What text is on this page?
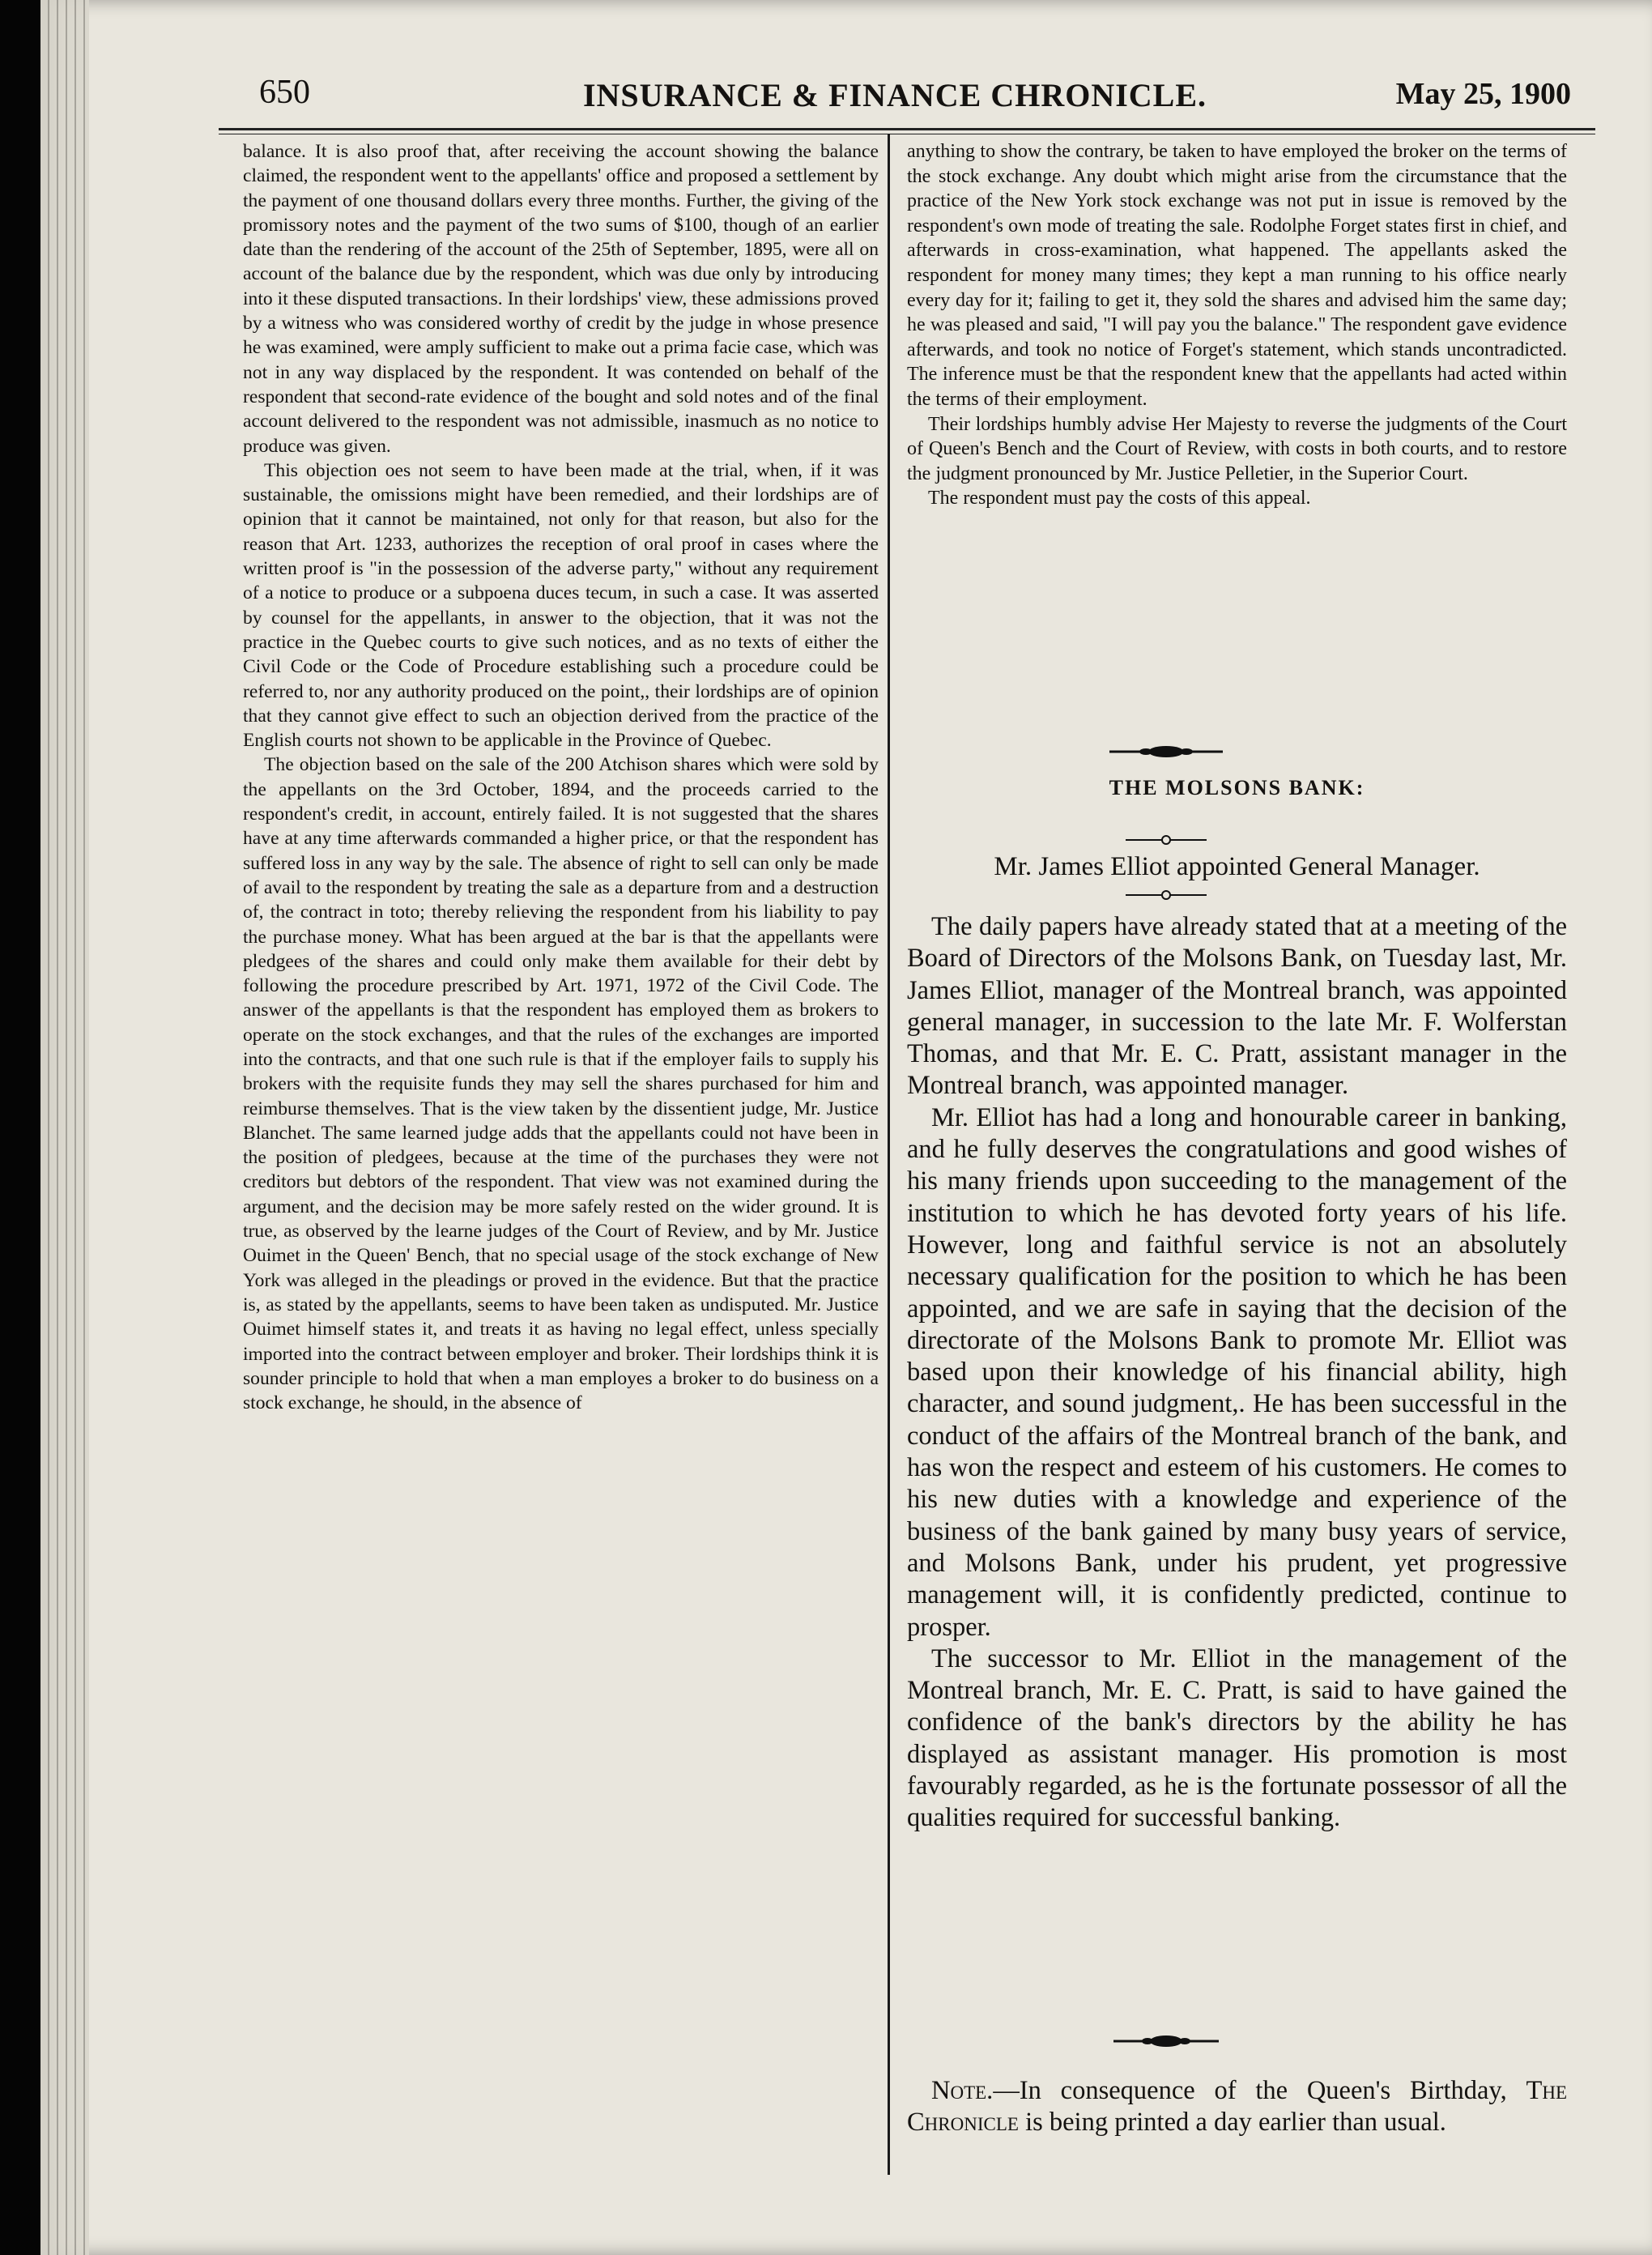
650	INSURANCE & FINANCE CHRONICLE.	May 25, 1900

balance. It is also proof that, after receiving the account showing the balance claimed, the respondent went to the appellants' office and proposed a settlement by the payment of one thousand dollars every three months. Further, the giving of the promissory notes and the payment of the two sums of $100, though of an earlier date than the rendering of the account of the 25th of September, 1895, were all on account of the balance due by the respondent, which was due only by introducing into it these disputed transactions. In their lordships' view, these admissions proved by a witness who was considered worthy of credit by the judge in whose presence he was examined, were amply sufficient to make out a prima facie case, which was not in any way displaced by the respondent. It was contended on behalf of the respondent that second-rate evidence of the bought and sold notes and of the final account delivered to the respondent was not admissible, inasmuch as no notice to produce was given.

This objection oes not seem to have been made at the trial, when, if it was sustainable, the omissions might have been remedied, and their lordships are of opinion that it cannot be maintained, not only for that reason, but also for the reason that Art. 1233, authorizes the reception of oral proof in cases where the written proof is "in the possession of the adverse party," without any requirement of a notice to produce or a subpoena duces tecum, in such a case. It was asserted by counsel for the appellants, in answer to the objection, that it was not the practice in the Quebec courts to give such notices, and as no texts of either the Civil Code or the Code of Procedure establishing such a procedure could be referred to, nor any authority produced on the point,, their lordships are of opinion that they cannot give effect to such an objection derived from the practice of the English courts not shown to be applicable in the Province of Quebec.

The objection based on the sale of the 200 Atchison shares which were sold by the appellants on the 3rd October, 1894, and the proceeds carried to the respondent's credit, in account, entirely failed. It is not suggested that the shares have at any time afterwards commanded a higher price, or that the respondent has suffered loss in any way by the sale. The absence of right to sell can only be made of avail to the respondent by treating the sale as a departure from and a destruction of, the contract in toto; thereby relieving the respondent from his liability to pay the purchase money. What has been argued at the bar is that the appellants were pledgees of the shares and could only make them available for their debt by following the procedure prescribed by Art. 1971, 1972 of the Civil Code. The answer of the appellants is that the respondent has employed them as brokers to operate on the stock exchanges, and that the rules of the exchanges are imported into the contracts, and that one such rule is that if the employer fails to supply his brokers with the requisite funds they may sell the shares purchased for him and reimburse themselves. That is the view taken by the dissentient judge, Mr. Justice Blanchet. The same learned judge adds that the appellants could not have been in the position of pledgees, because at the time of the purchases they were not creditors but debtors of the respondent. That view was not examined during the argument, and the decision may be more safely rested on the wider ground. It is true, as observed by the learne judges of the Court of Review, and by Mr. Justice Ouimet in the Queen' Bench, that no special usage of the stock exchange of New York was alleged in the pleadings or proved in the evidence. But that the practice is, as stated by the appellants, seems to have been taken as undisputed. Mr. Justice Ouimet himself states it, and treats it as having no legal effect, unless specially imported into the contract between employer and broker. Their lordships think it is sounder principle to hold that when a man employes a broker to do business on a stock exchange, he should, in the absence of

anything to show the contrary, be taken to have employed the broker on the terms of the stock exchange. Any doubt which might arise from the circumstance that the practice of the New York stock exchange was not put in issue is removed by the respondent's own mode of treating the sale. Rodolphe Forget states first in chief, and afterwards in cross-examination, what happened. The appellants asked the respondent for money many times; they kept a man running to his office nearly every day for it; failing to get it, they sold the shares and advised him the same day; he was pleased and said, "I will pay you the balance." The respondent gave evidence afterwards, and took no notice of Forget's statement, which stands uncontradicted. The inference must be that the respondent knew that the appellants had acted within the terms of their employment.

Their lordships humbly advise Her Majesty to reverse the judgments of the Court of Queen's Bench and the Court of Review, with costs in both courts, and to restore the judgment pronounced by Mr. Justice Pelletier, in the Superior Court.

The respondent must pay the costs of this appeal.

THE MOLSONS BANK:
Mr. James Elliot appointed General Manager.

The daily papers have already stated that at a meeting of the Board of Directors of the Molsons Bank, on Tuesday last, Mr. James Elliot, manager of the Montreal branch, was appointed general manager, in succession to the late Mr. F. Wolferstan Thomas, and that Mr. E. C. Pratt, assistant manager in the Montreal branch, was appointed manager.

Mr. Elliot has had a long and honourable career in banking, and he fully deserves the congratulations and good wishes of his many friends upon succeeding to the management of the institution to which he has devoted forty years of his life. However, long and faithful service is not an absolutely necessary qualification for the position to which he has been appointed, and we are safe in saying that the decision of the directorate of the Molsons Bank to promote Mr. Elliot was based upon their knowledge of his financial ability, high character, and sound judgment,. He has been successful in the conduct of the affairs of the Montreal branch of the bank, and has won the respect and esteem of his customers. He comes to his new duties with a knowledge and experience of the business of the bank gained by many busy years of service, and Molsons Bank, under his prudent, yet progressive management will, it is confidently predicted, continue to prosper.

The successor to Mr. Elliot in the management of the Montreal branch, Mr. E. C. Pratt, is said to have gained the confidence of the bank's directors by the ability he has displayed as assistant manager. His promotion is most favourably regarded, as he is the fortunate possessor of all the qualities required for successful banking.

Note.—In consequence of the Queen's Birthday, The Chronicle is being printed a day earlier than usual.
